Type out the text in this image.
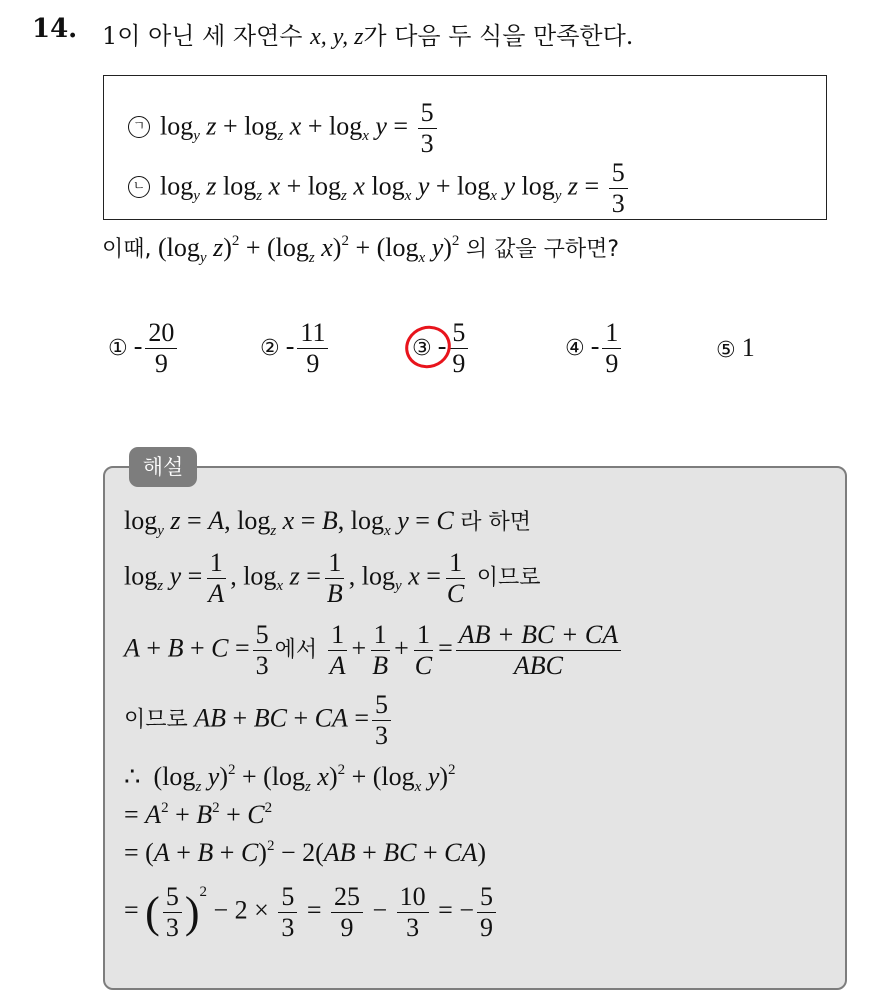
14. 1이 아닌 세 자연수 x, y, z가 다음 두 식을 만족한다.
ㄱ $\log_y z + \log_z x + \log_x y = \frac{5}{3}$
ㄴ $\log_y z$ $\log_z x + \log_z x$ $\log_x y + \log_x y$ $\log_y z = \frac{5}{3}$
이때, ($\log_y$ $z)^2 + (\log_z$ $x)^2 + (\log_x$ y)$^2$ 의 값을 구하면?
① - $\frac{20}{9}$	② - $\frac{11}{9}$	③ - $\frac{5}{9}$	④ - $\frac{1}{9}$	⑤ 1
해설
$\log_y z = A$, $\log_z x = B$, $\log_x y = C$ 라 하면
$\log_z y = \frac{1}{A}$ , $\log_x z = \frac{1}{B}$ , $\log_y x = \frac{1}{C}$ 이므로
$A + B + C = \frac{5}{3}$ 에서 $\frac{1}{A} + \frac{1}{B} + \frac{1}{C} = \frac{AB + BC + CA}{\text{ABC}}$
이므로 AB + BC + CA = $\frac{5}{3}$
∴  ($\log_z$ $y)^2 + (\log_z$ $x)^2 + (\log_x$ y)$^2$
= $A^2 + B^2 + C^2$
= $(A + B + C)^2 - 2(AB$ + BC + CA)
= ( $\frac{5}{3} )^2 - 2 \times \frac{5}{3} = \frac{25}{9} - \frac{10}{3}$ = − $\frac{5}{9}$
